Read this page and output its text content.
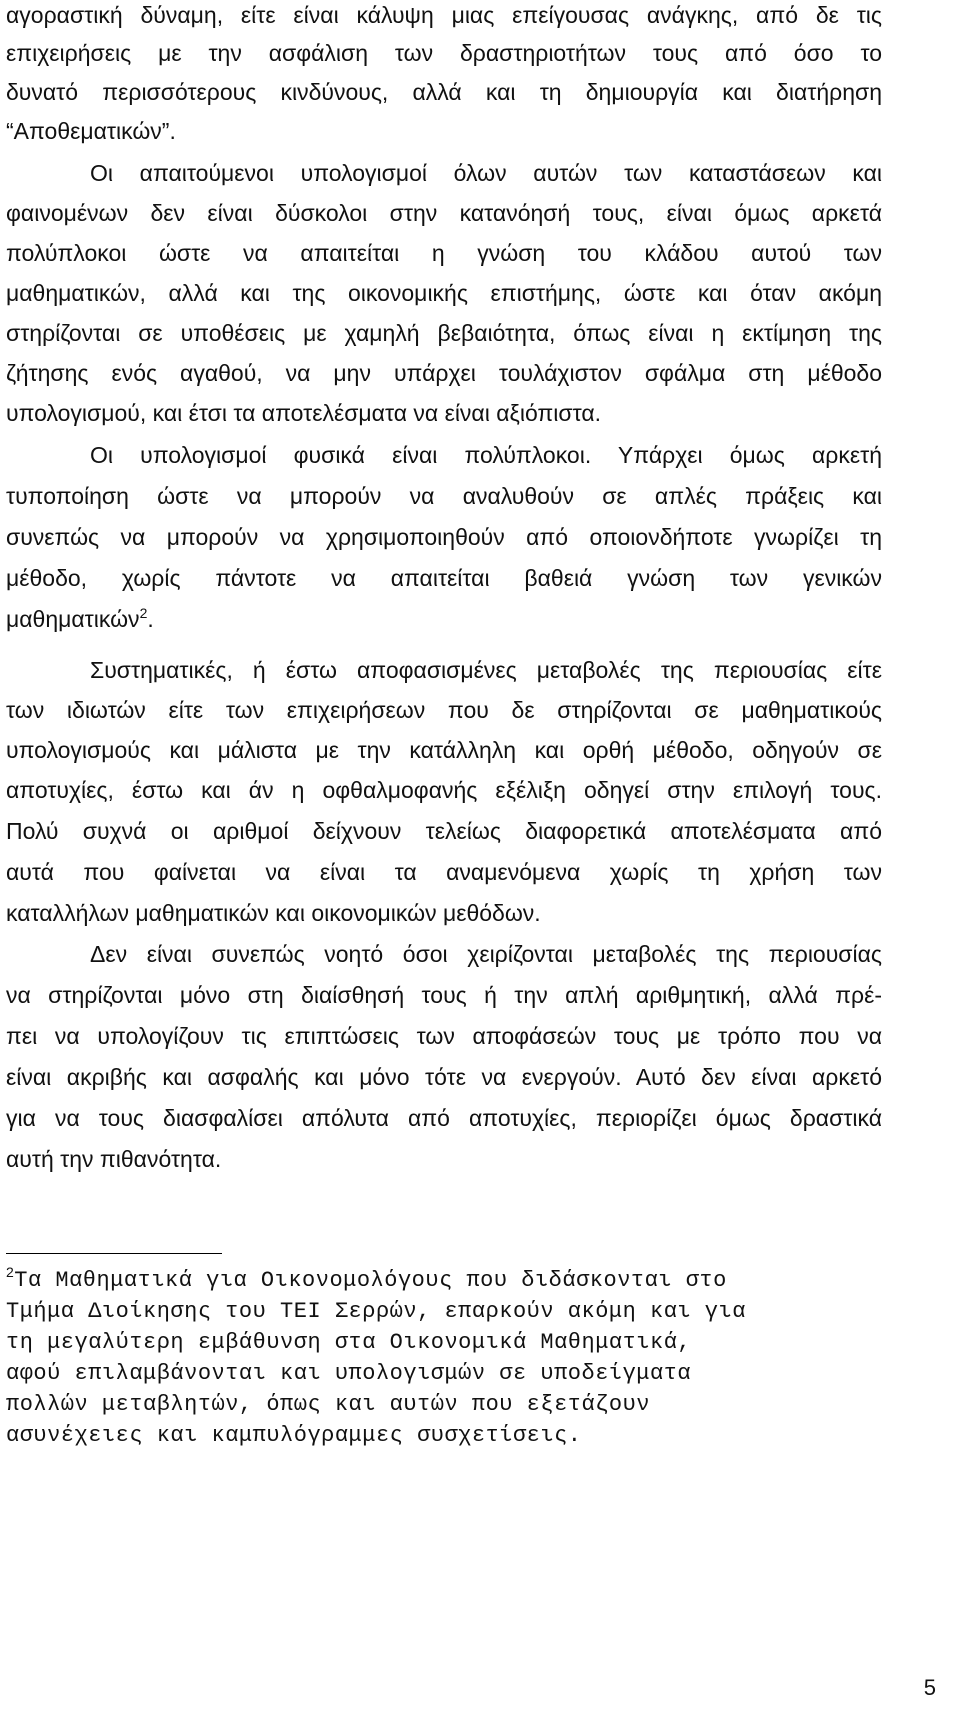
αγοραστική δύναμη, είτε είναι κάλυψη μιας επείγουσας ανάγκης, από δε τις
επιχειρήσεις με την ασφάλιση των δραστηριοτήτων τους από όσο το
δυνατό περισσότερους κινδύνους, αλλά και τη δημιουργία και διατήρηση
“Αποθεματικών”.
Οι απαιτούμενοι υπολογισμοί όλων αυτών των καταστάσεων και
φαινομένων δεν είναι δύσκολοι στην κατανόησή τους, είναι όμως αρκετά
πολύπλοκοι ώστε να απαιτείται η γνώση του κλάδου αυτού των
μαθηματικών, αλλά και της οικονομικής επιστήμης, ώστε και όταν ακόμη
στηρίζονται σε υποθέσεις με χαμηλή βεβαιότητα, όπως είναι η εκτίμηση της
ζήτησης ενός αγαθού, να μην υπάρχει τουλάχιστον σφάλμα στη μέθοδο
υπολογισμού, και έτσι τα αποτελέσματα να είναι αξιόπιστα.
Οι υπολογισμοί φυσικά είναι πολύπλοκοι. Υπάρχει όμως αρκετή
τυποποίηση ώστε να μπορούν να αναλυθούν σε απλές πράξεις και
συνεπώς να μπορούν να χρησιμοποιηθούν από οποιονδήποτε γνωρίζει τη
μέθοδο, χωρίς πάντοτε να απαιτείται βαθειά γνώση των γενικών
μαθηματικών$^2$.
Συστηματικές, ή έστω αποφασισμένες μεταβολές της περιουσίας είτε
των ιδιωτών είτε των επιχειρήσεων που δε στηρίζονται σε μαθηματικούς
υπολογισμούς και μάλιστα με την κατάλληλη και ορθή μέθοδο, οδηγούν σε
αποτυχίες, έστω και άν η οφθαλμοφανής εξέλιξη οδηγεί στην επιλογή τους.
Πολύ συχνά οι αριθμοί δείχνουν τελείως διαφορετικά αποτελέσματα από
αυτά που φαίνεται να είναι τα αναμενόμενα χωρίς τη χρήση των
καταλλήλων μαθηματικών και οικονομικών μεθόδων.
Δεν είναι συνεπώς νοητό όσοι χειρίζονται μεταβολές της περιουσίας
να στηρίζονται μόνο στη διαίσθησή τους ή την απλή αριθμητική, αλλά πρέ-
πει να υπολογίζουν τις επιπτώσεις των αποφάσεών τους με τρόπο που να
είναι ακριβής και ασφαλής και μόνο τότε να ενεργούν. Αυτό δεν είναι αρκετό
για να τους διασφαλίσει απόλυτα από αποτυχίες, περιορίζει όμως δραστικά
αυτή την πιθανότητα.
$^2$Τα Μαθηματικά για Οικονομολόγους που διδάσκονται στο
Τμήμα Διοίκησης του ΤΕΙ Σερρών, επαρκούν ακόμη και για
τη μεγαλύτερη εμβάθυνση στα Οικονομικά Μαθηματικά,
αφού επιλαμβάνονται και υπολογισμών σε υποδείγματα
πολλών μεταβλητών, όπως και αυτών που εξετάζουν
ασυνέχειες και καμπυλόγραμμες συσχετίσεις.
5
